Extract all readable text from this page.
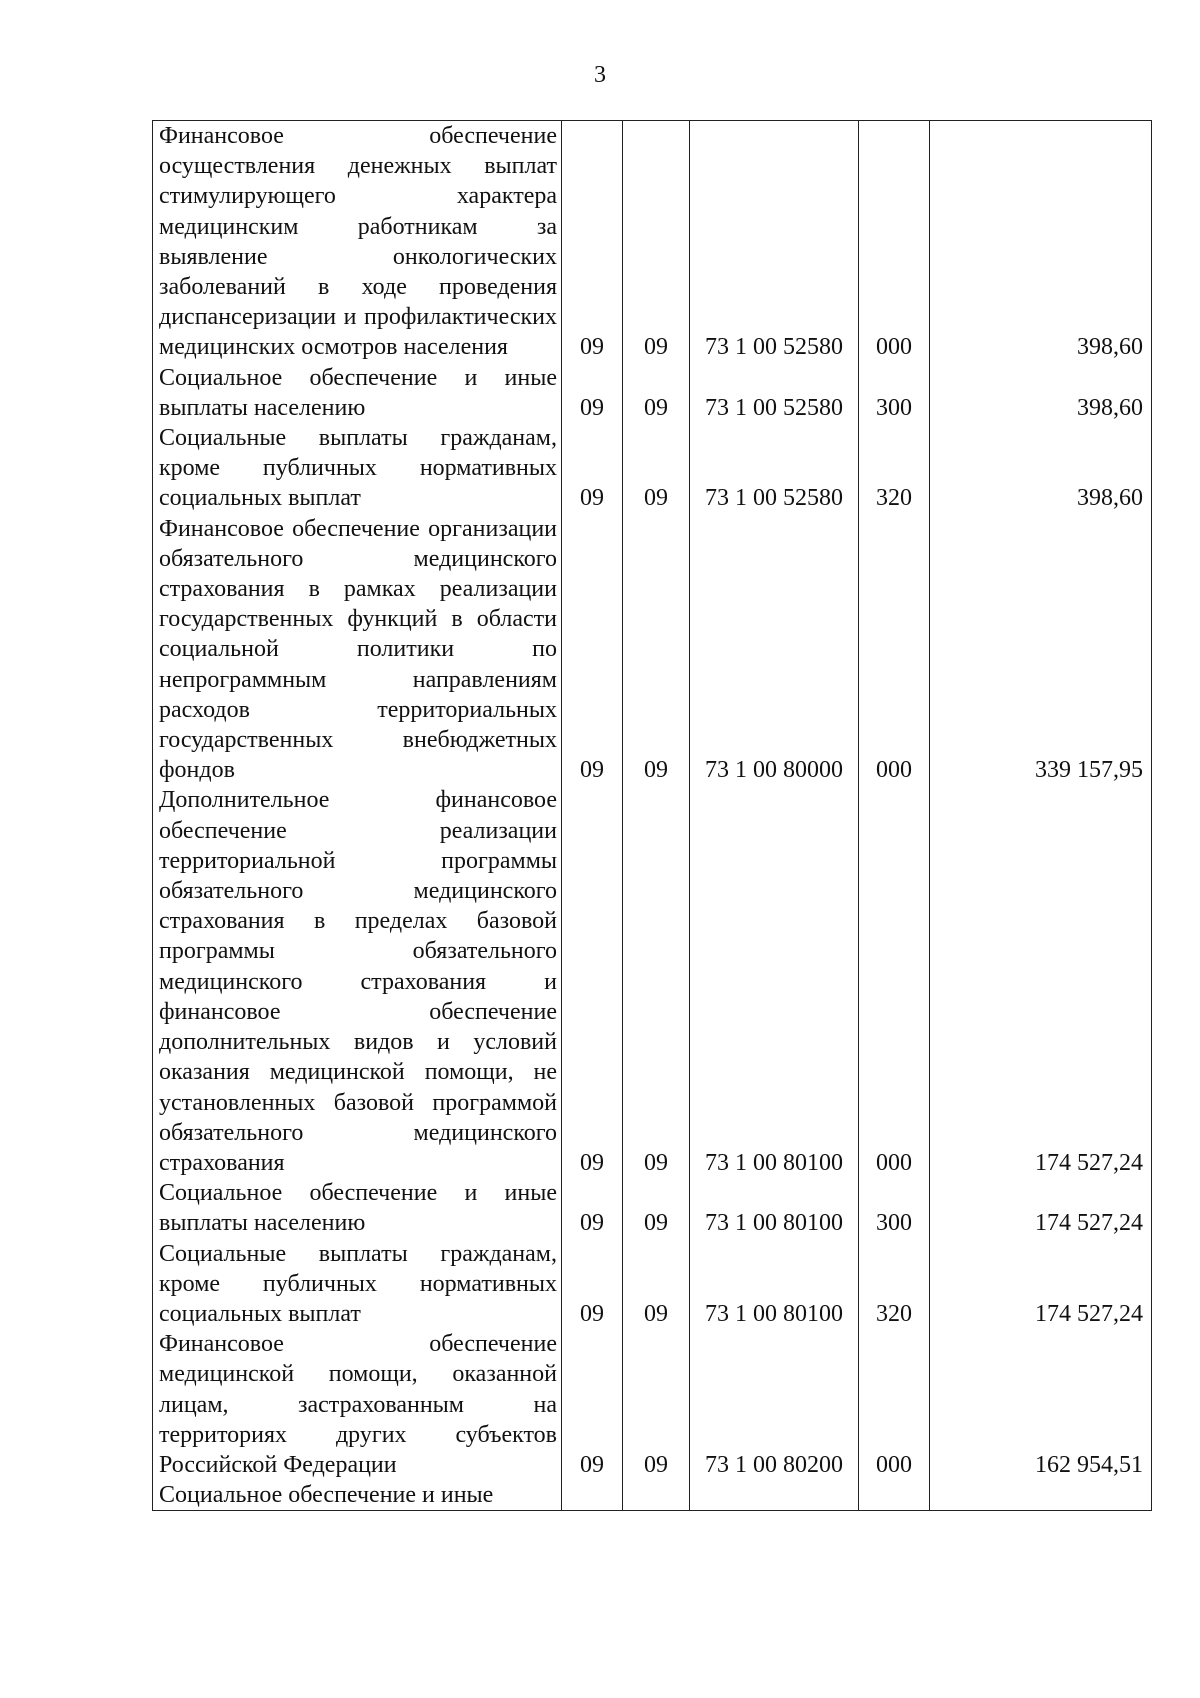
3
Финансовое обеспечение осуществления денежных выплат стимулирующего характера медицинским работникам за выявление онкологических заболеваний в ходе проведения диспансеризации и профилактических медицинских осмотров населения	09	09	73 1 00 52580	000	398,60

Социальное обеспечение и иные выплаты населению	09	09	73 1 00 52580	300	398,60

Социальные выплаты гражданам, кроме публичных нормативных социальных выплат	09	09	73 1 00 52580	320	398,60

Финансовое обеспечение организации обязательного медицинского страхования в рамках реализации государственных функций в области социальной политики по непрограммным направлениям расходов территориальных государственных внебюджетных фондов	09	09	73 1 00 80000	000	339 157,95

Дополнительное финансовое обеспечение реализации территориальной программы обязательного медицинского страхования в пределах базовой программы обязательного медицинского страхования и финансовое обеспечение дополнительных видов и условий оказания медицинской помощи, не установленных базовой программой обязательного медицинского страхования	09	09	73 1 00 80100	000	174 527,24

Социальное обеспечение и иные выплаты населению	09	09	73 1 00 80100	300	174 527,24

Социальные выплаты гражданам, кроме публичных нормативных социальных выплат	09	09	73 1 00 80100	320	174 527,24

Финансовое обеспечение медицинской помощи, оказанной лицам, застрахованным на территориях других субъектов Российской Федерации	09	09	73 1 00 80200	000	162 954,51

Социальное обеспечение и иные					
